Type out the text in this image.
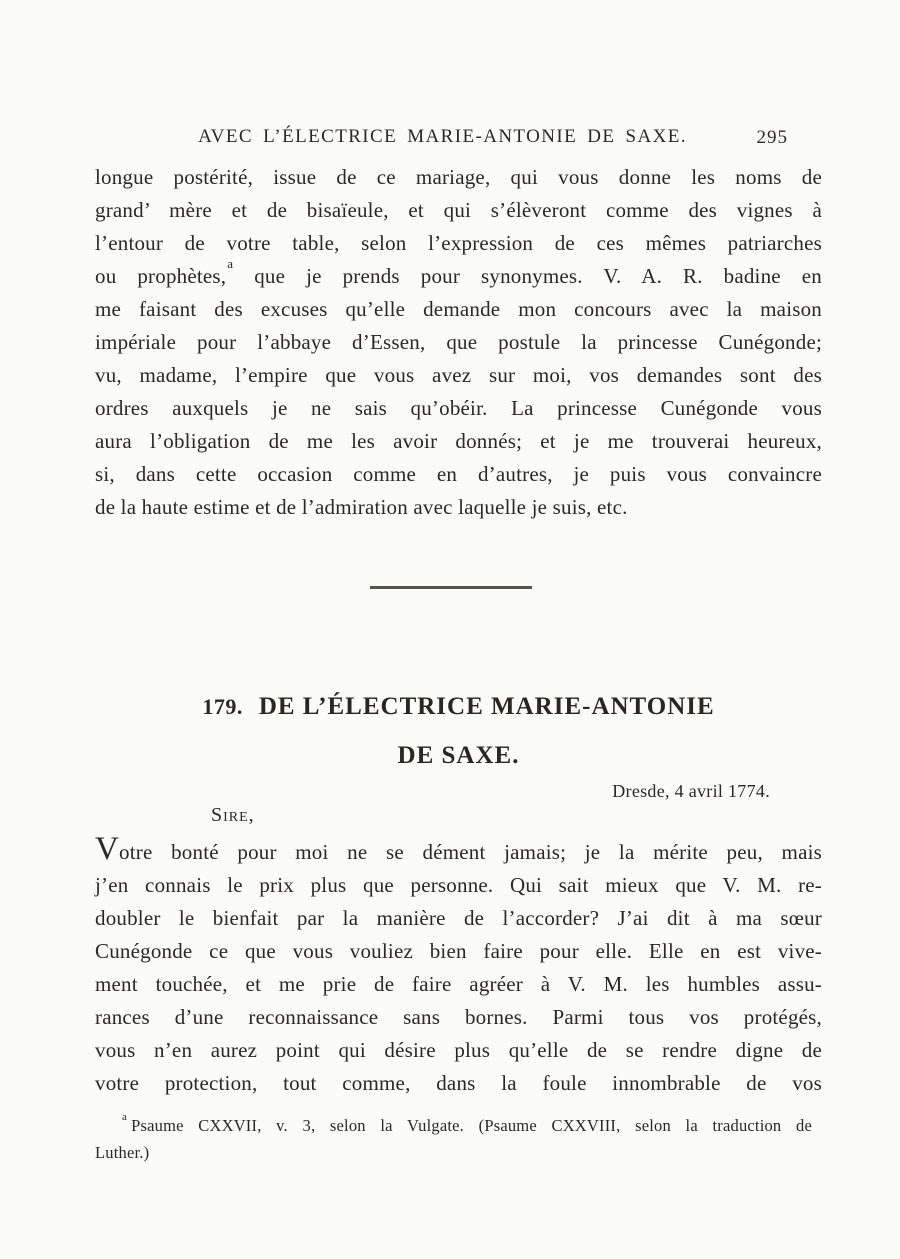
AVEC L’ÉLECTRICE MARIE-ANTONIE DE SAXE.	295
longue postérité, issue de ce mariage, qui vous donne les noms de
grand’ mère et de bisaïeule, et qui s’élèveront comme des vignes à
l’entour de votre table, selon l’expression de ces mêmes patriarches
ou prophètes,$^a$ que je prends pour synonymes. V. A. R. badine en
me faisant des excuses qu’elle demande mon concours avec la maison
impériale pour l’abbaye d’Essen, que postule la princesse Cunégonde;
vu, madame, l’empire que vous avez sur moi, vos demandes sont des
ordres auxquels je ne sais qu’obéir. La princesse Cunégonde vous
aura l’obligation de me les avoir donnés; et je me trouverai heureux,
si, dans cette occasion comme en d’autres, je puis vous convaincre
de la haute estime et de l’admiration avec laquelle je suis, etc.
179. DE L’ÉLECTRICE MARIE-ANTONIE
DE SAXE.
Dresde, 4 avril 1774.
Sire,
Votre bonté pour moi ne se dément jamais; je la mérite peu, mais
j’en connais le prix plus que personne. Qui sait mieux que V. M. re-
doubler le bienfait par la manière de l’accorder? J’ai dit à ma sœur
Cunégonde ce que vous vouliez bien faire pour elle. Elle en est vive-
ment touchée, et me prie de faire agréer à V. M. les humbles assu-
rances d’une reconnaissance sans bornes. Parmi tous vos protégés,
vous n’en aurez point qui désire plus qu’elle de se rendre digne de
votre protection, tout comme, dans la foule innombrable de vos
$^a$ Psaume CXXVII, v. 3, selon la Vulgate. (Psaume CXXVIII, selon la traduction de
Luther.)
